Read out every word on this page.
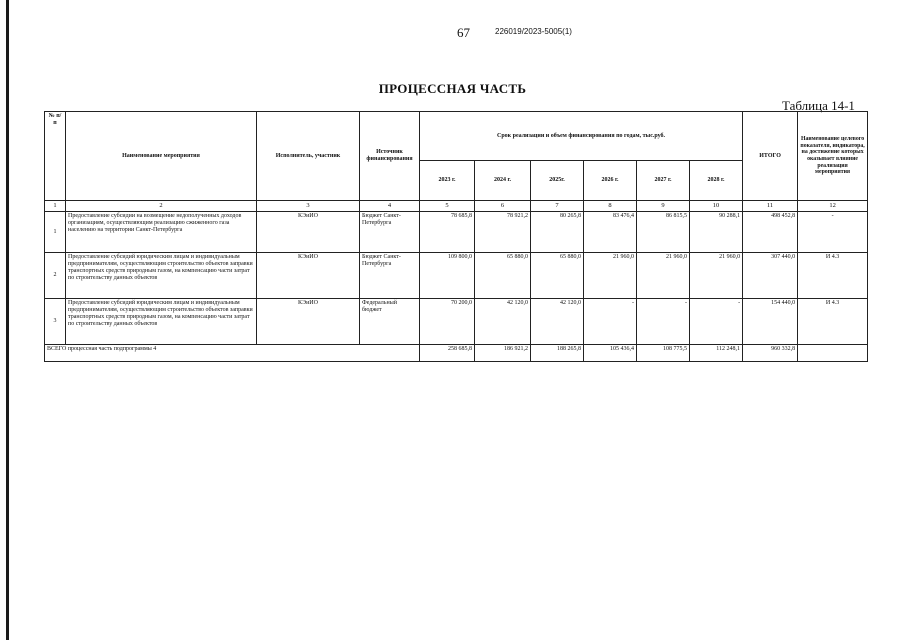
67	226019/2023-5005(1)
ПРОЦЕССНАЯ ЧАСТЬ
Таблица 14-1
№ п/п	Наименование мероприятия	Исполнитель, участник	Источник финансирования	Срок реализации и объем финансирования по годам, тыс.руб.						ИТОГО	Наименование целевого показателя, индикатора, на достижение которых оказывает влияние реализация мероприятия
				2023 г.	2024 г.	2025г.	2026 г.	2027 г.	2028 г.		
1	2	3	4	5	6	7	8	9	10	11	12
1	Предоставление субсидии на возмещение недополученных доходов организациям, осуществляющим реализацию сжиженного газа населению на территории Санкт-Петербурга	КЭиИО	Бюджет Санкт-Петербурга	78 685,8	78 921,2	80 265,8	83 476,4	86 815,5	90 288,1	498 452,8	-
2	Предоставление субсидий юридическим лицам и индивидуальным предпринимателям, осуществляющим строительство объектов заправки транспортных средств природным газом, на компенсацию части затрат по строительству данных объектов	КЭиИО	Бюджет Санкт-Петербурга	109 800,0	65 880,0	65 880,0	21 960,0	21 960,0	21 960,0	307 440,0	И 4.3
3	Предоставление субсидий юридическим лицам и индивидуальным предпринимателям, осуществляющим строительство объектов заправки транспортных средств природным газом, на компенсацию части затрат по строительству данных объектов	КЭиИО	Федеральный бюджет	70 200,0	42 120,0	42 120,0	-	-	-	154 440,0	И 4.3
ВСЕГО процессная часть подпрограммы 4				258 685,8	186 921,2	188 265,8	105 436,4	108 775,5	112 248,1	960 332,8	
